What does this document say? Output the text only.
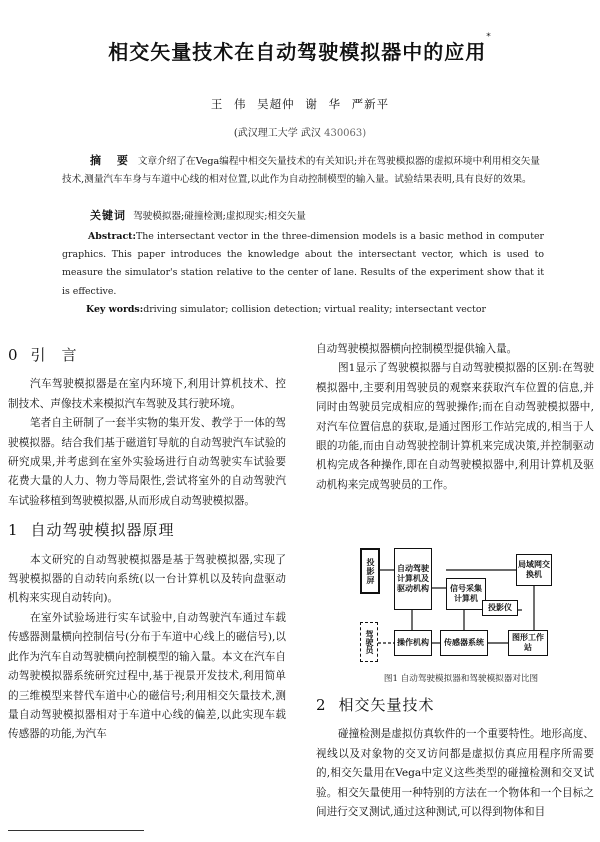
相交矢量技术在自动驾驶模拟器中的应用*
王 伟 吴超仲 谢 华 严新平
(武汉理工大学 武汉 430063)
摘 要 文章介绍了在Vega编程中相交矢量技术的有关知识;并在驾驶模拟器的虚拟环境中利用相交矢量技术,测量汽车车身与车道中心线的相对位置,以此作为自动控制模型的输入量。试验结果表明,具有良好的效果。
关键词 驾驶模拟器;碰撞检测;虚拟现实;相交矢量
Abstract:The intersectant vector in the three-dimension models is a basic method in computer graphics. This paper introduces the knowledge about the intersectant vector, which is used to measure the simulator's station relative to the center of lane. Results of the experiment show that it is effective.
Key words:driving simulator; collision detection; virtual reality; intersectant vector
0 引言

汽车驾驶模拟器是在室内环境下,利用计算机技术、控制技术、声像技术来模拟汽车驾驶及其行驶环境。

笔者自主研制了一套半实物的集开发、教学于一体的驾驶模拟器。结合我们基于磁道钉导航的自动驾驶汽车试验的研究成果,并考虑到在室外实验场进行自动驾驶实车试验要花费大量的人力、物力等局限性,尝试将室外的自动驾驶汽车试验移植到驾驶模拟器,从而形成自动驾驶模拟器。

1 自动驾驶模拟器原理

本文研究的自动驾驶模拟器是基于驾驶模拟器,实现了驾驶模拟器的自动转向系统(以一台计算机以及转向盘驱动机构来实现自动转向)。

在室外试验场进行实车试验中,自动驾驶汽车通过车载传感器测量横向控制信号(分布于车道中心线上的磁信号),以此作为汽车自动驾驶横向控制模型的输入量。本文在汽车自动驾驶模拟器系统研究过程中,基于视景开发技术,利用简单的三维模型来替代车道中心的磁信号;利用相交矢量技术,测量自动驾驶模拟器相对于车道中心线的偏差,以此实现车载传感器的功能,为汽车

自动驾驶模拟器横向控制模型提供输入量。

图1显示了驾驶模拟器与自动驾驶模拟器的区别:在驾驶模拟器中,主要利用驾驶员的观察来获取汽车位置的信息,并同时由驾驶员完成相应的驾驶操作;而在自动驾驶模拟器中,对汽车位置信息的获取,是通过图形工作站完成的,相当于人眼的功能,而由自动驾驶控制计算机来完成决策,并控制驱动机构完成各种操作,即在自动驾驶模拟器中,利用计算机及驱动机构来完成驾驶员的工作。

投影屏	自动驾驶计算机及驱动机构	信号采集计算机
投影仪
局域网交换机
驾驶员	操作机构 传感器系统
图形工作站
图1 自动驾驶模拟器和驾驶模拟器对比图
2 相交矢量技术

碰撞检测是虚拟仿真软件的一个重要特性。地形高度、视线以及对象物的交叉访问都是虚拟仿真应用程序所需要的,相交矢量用在Vega中定义这些类型的碰撞检测和交叉试验。相交矢量使用一种特别的方法在一个物体和一个目标之间进行交叉测试,通过这种测试,可以得到物体和目
